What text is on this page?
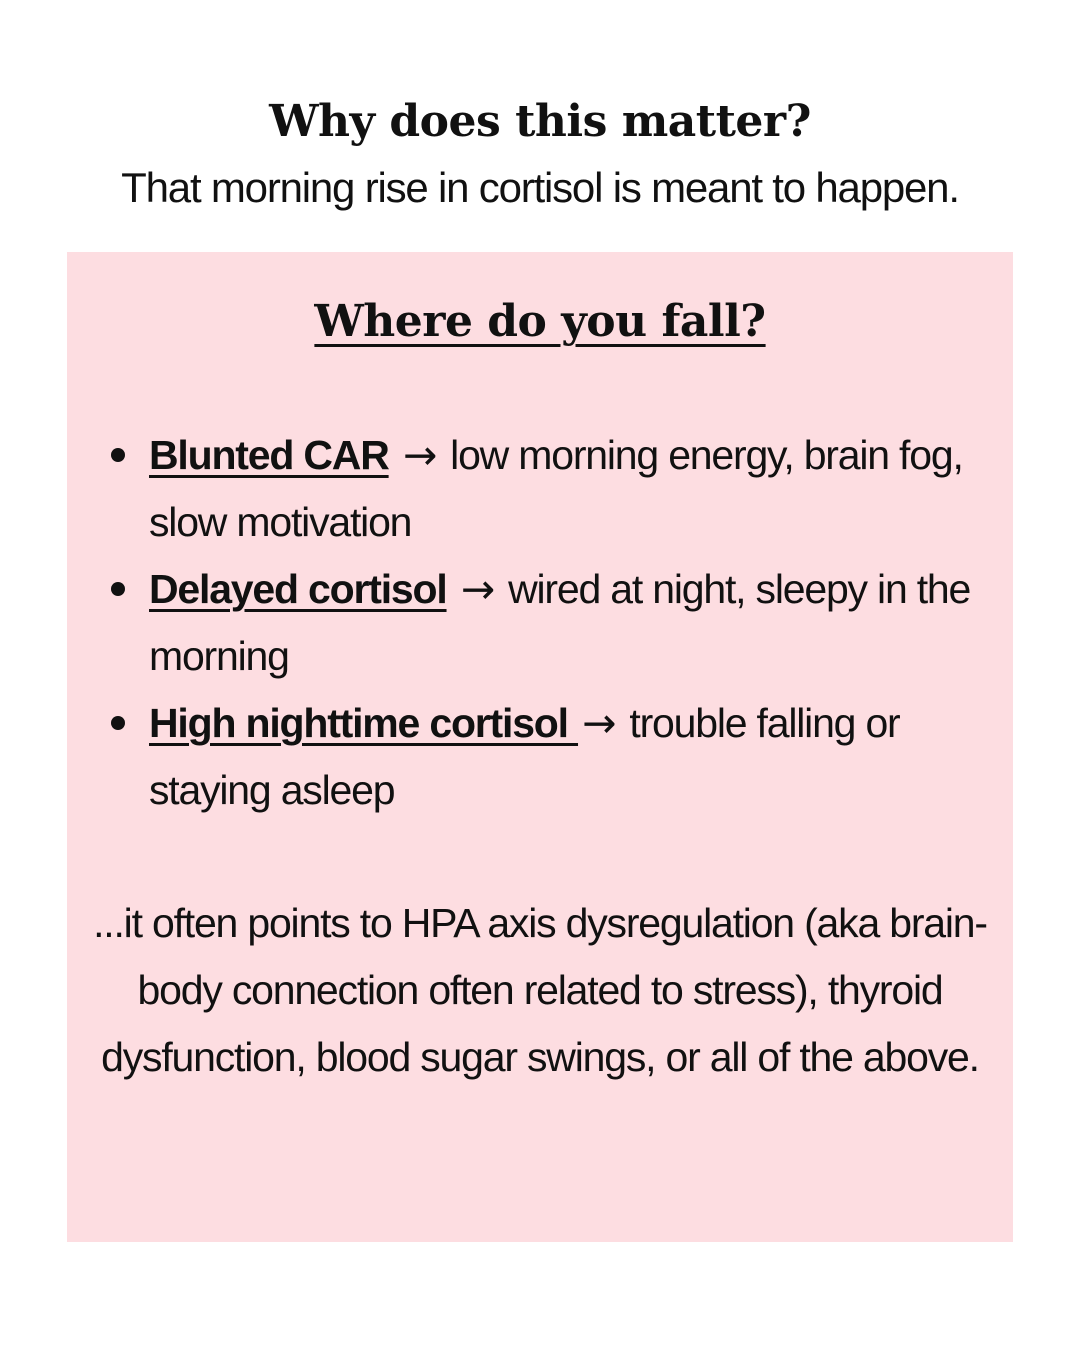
Why does this matter?
That morning rise in cortisol is meant to happen.
Where do you fall?
Blunted CAR → low morning energy, brain fog, slow motivation
Delayed cortisol → wired at night, sleepy in the morning
High nighttime cortisol → trouble falling or staying asleep
...it often points to HPA axis dysregulation (aka brain-body connection often related to stress), thyroid dysfunction, blood sugar swings, or all of the above.
